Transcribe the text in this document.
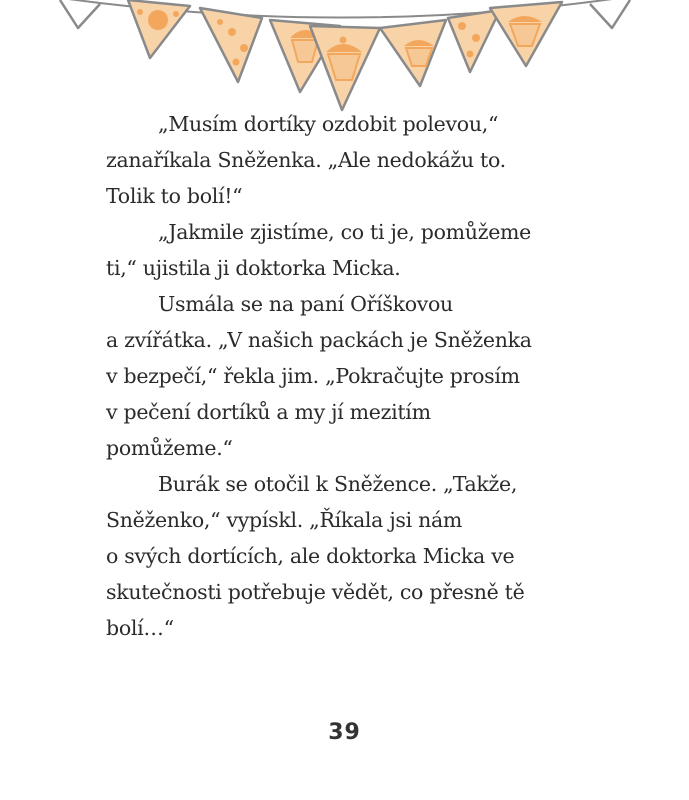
„Musím dortíky ozdobit polevou,“
zanaříkala Sněženka. „Ale nedokážu to.
Tolik to bolí!“

„Jakmile zjistíme, co ti je, pomůžeme
ti,“ ujistila ji doktorka Micka.

Usmála se na paní Oříškovou
a zvířátka. „V našich packách je Sněženka
v bezpečí,“ řekla jim. „Pokračujte prosím
v pečení dortíků a my jí mezitím
pomůžeme.“

Burák se otočil k Sněžence. „Takže,
Sněženko,“ vypískl. „Říkala jsi nám
o svých dortících, ale doktorka Micka ve
skutečnosti potřebuje vědět, co přesně tě
bolí…“

39
